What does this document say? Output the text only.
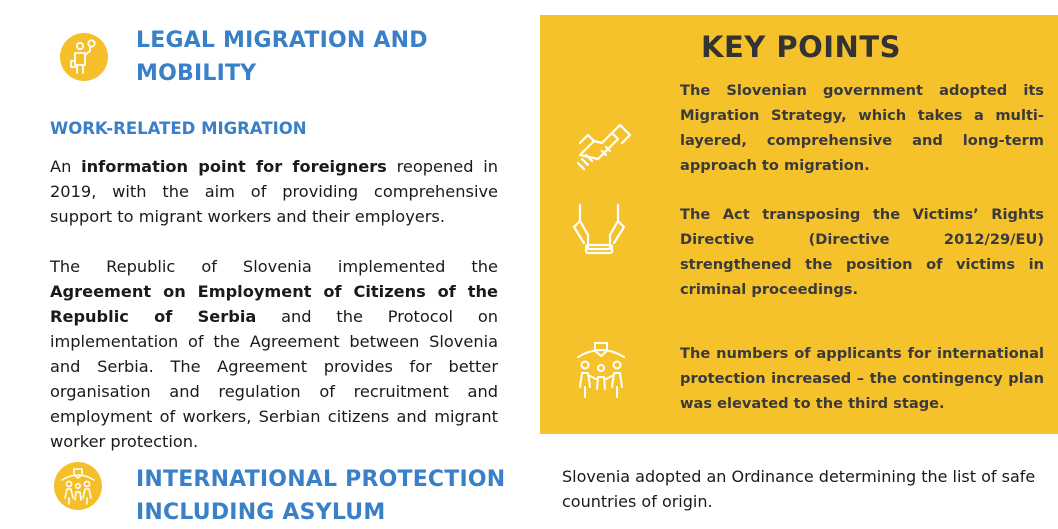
LEGAL MIGRATION AND
MOBILITY
WORK-RELATED MIGRATION
An information point for foreigners reopened in 2019, with the aim of providing comprehensive support to migrant workers and their employers.
The Republic of Slovenia implemented the Agreement on Employment of Citizens of the Republic of Serbia and the Protocol on implementation of the Agreement between Slovenia and Serbia. The Agreement provides for better organisation and regulation of recruitment and employment of workers, Serbian citizens and migrant worker protection.
INTERNATIONAL PROTECTION
INCLUDING ASYLUM
KEY POINTS
The Slovenian government adopted its Migration Strategy, which takes a multi-layered, comprehensive and long-term approach to migration.
The Act transposing the Victims’ Rights Directive (Directive 2012/29/EU) strengthened the position of victims in criminal proceedings.
The numbers of applicants for international protection increased – the contingency plan was elevated to the third stage.
Slovenia adopted an Ordinance determining the list of safe countries of origin.
